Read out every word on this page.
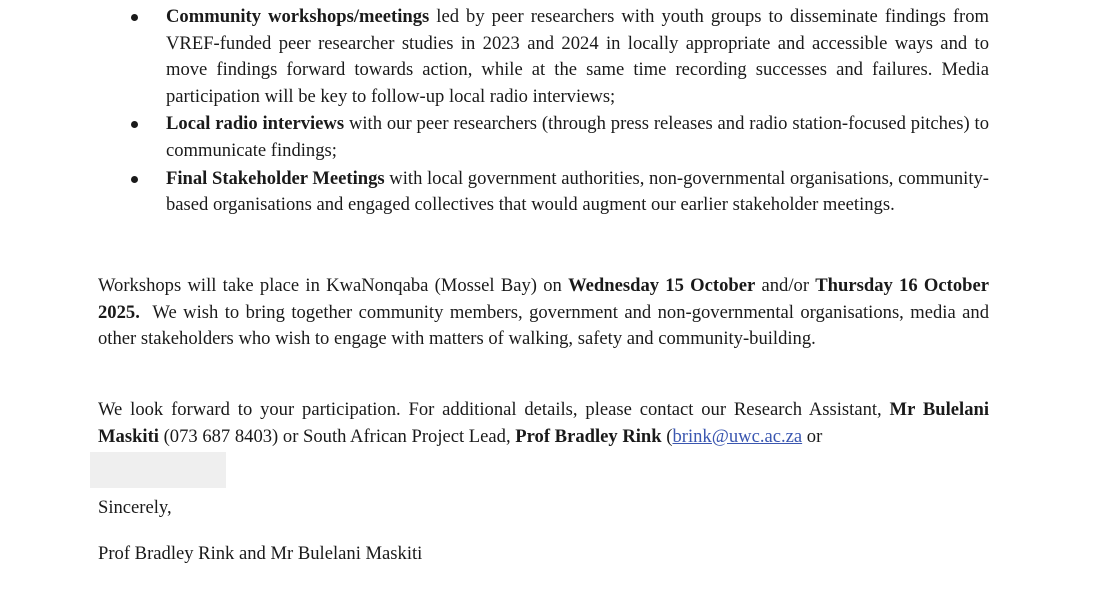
Community workshops/meetings led by peer researchers with youth groups to disseminate findings from VREF-funded peer researcher studies in 2023 and 2024 in locally appropriate and accessible ways and to move findings forward towards action, while at the same time recording successes and failures. Media participation will be key to follow-up local radio interviews;
Local radio interviews with our peer researchers (through press releases and radio station-focused pitches) to communicate findings;
Final Stakeholder Meetings with local government authorities, non-governmental organisations, community-based organisations and engaged collectives that would augment our earlier stakeholder meetings.

Workshops will take place in KwaNonqaba (Mossel Bay) on Wednesday 15 October and/or Thursday 16 October 2025.  We wish to bring together community members, government and non-governmental organisations, media and other stakeholders who wish to engage with matters of walking, safety and community-building.

We look forward to your participation. For additional details, please contact our Research Assistant, Mr Bulelani Maskiti (073 687 8403) or South African Project Lead, Prof Bradley Rink (brink@uwc.ac.za or

Sincerely,

Prof Bradley Rink and Mr Bulelani Maskiti
